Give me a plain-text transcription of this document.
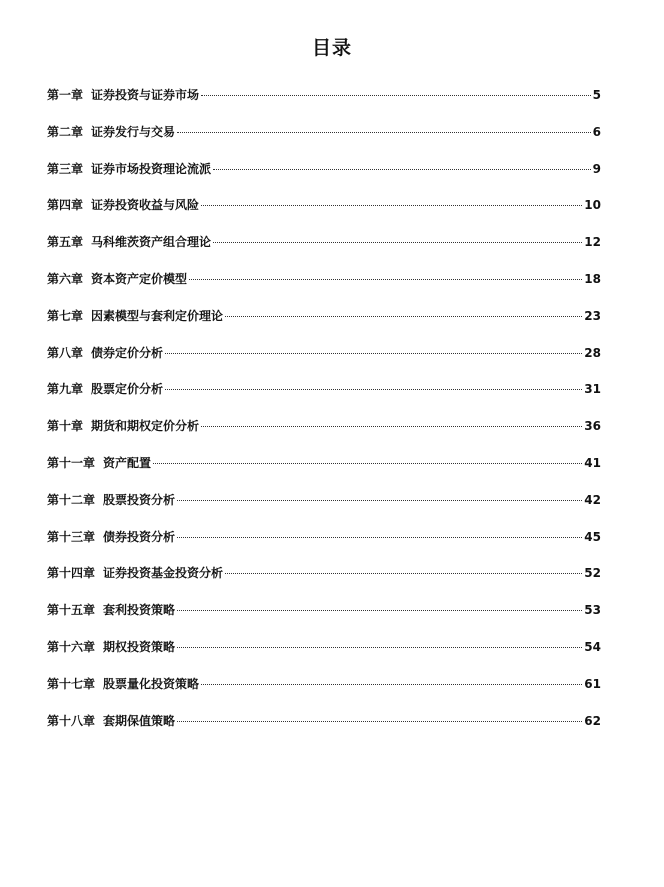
目录
第一章 证券投资与证券市场	5
第二章 证券发行与交易	6
第三章 证券市场投资理论流派	9
第四章 证券投资收益与风险	10
第五章 马科维茨资产组合理论	12
第六章 资本资产定价模型	18
第七章 因素模型与套利定价理论	23
第八章 债券定价分析	28
第九章 股票定价分析	31
第十章 期货和期权定价分析	36
第十一章 资产配置	41
第十二章 股票投资分析	42
第十三章 债券投资分析	45
第十四章 证券投资基金投资分析	52
第十五章 套利投资策略	53
第十六章 期权投资策略	54
第十七章 股票量化投资策略	61
第十八章 套期保值策略	62
